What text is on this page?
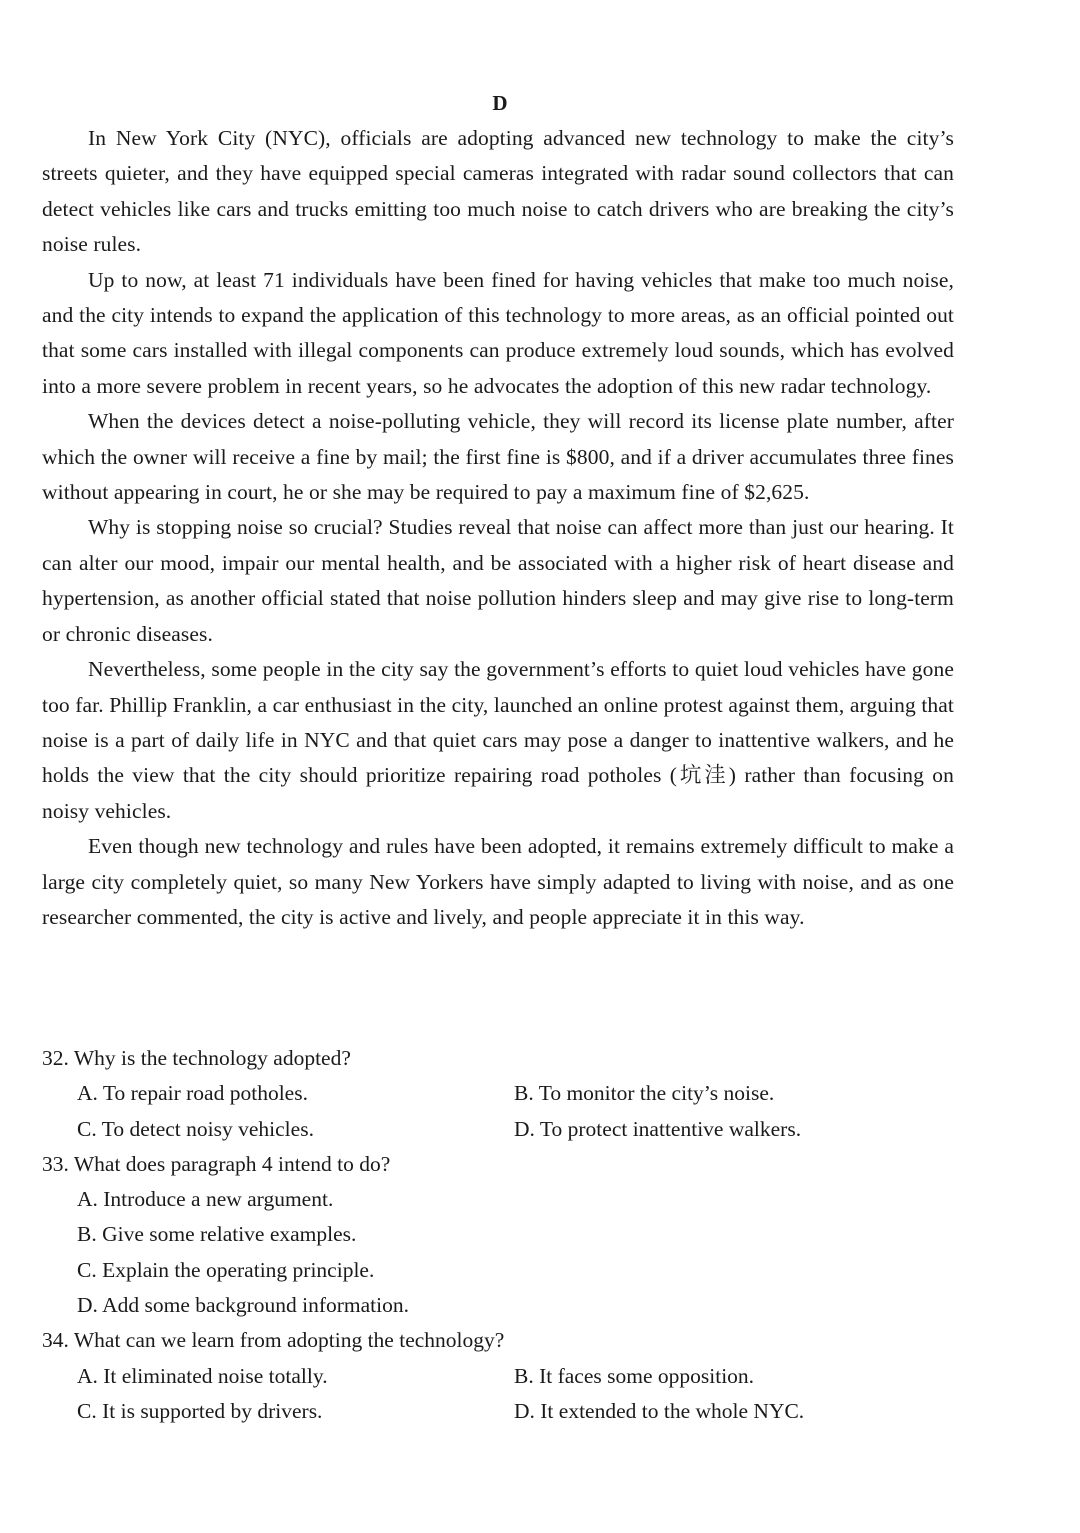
D

In New York City (NYC), officials are adopting advanced new technology to make the city’s streets quieter, and they have equipped special cameras integrated with radar sound collectors that can detect vehicles like cars and trucks emitting too much noise to catch drivers who are breaking the city’s noise rules.

Up to now, at least 71 individuals have been fined for having vehicles that make too much noise, and the city intends to expand the application of this technology to more areas, as an official pointed out that some cars installed with illegal components can produce extremely loud sounds, which has evolved into a more severe problem in recent years, so he advocates the adoption of this new radar technology.

When the devices detect a noise-polluting vehicle, they will record its license plate number, after which the owner will receive a fine by mail; the first fine is $800, and if a driver accumulates three fines without appearing in court, he or she may be required to pay a maximum fine of $2,625.

Why is stopping noise so crucial? Studies reveal that noise can affect more than just our hearing. It can alter our mood, impair our mental health, and be associated with a higher risk of heart disease and hypertension, as another official stated that noise pollution hinders sleep and may give rise to long-term or chronic diseases.

Nevertheless, some people in the city say the government’s efforts to quiet loud vehicles have gone too far. Phillip Franklin, a car enthusiast in the city, launched an online protest against them, arguing that noise is a part of daily life in NYC and that quiet cars may pose a danger to inattentive walkers, and he holds the view that the city should prioritize repairing road potholes (坑洼) rather than focusing on noisy vehicles.

Even though new technology and rules have been adopted, it remains extremely difficult to make a large city completely quiet, so many New Yorkers have simply adapted to living with noise, and as one researcher commented, the city is active and lively, and people appreciate it in this way.

32. Why is the technology adopted?

A. To repair road potholes.	B. To monitor the city’s noise.

C. To detect noisy vehicles.	D. To protect inattentive walkers.

33. What does paragraph 4 intend to do?

A. Introduce a new argument.

B. Give some relative examples.

C. Explain the operating principle.

D. Add some background information.

34. What can we learn from adopting the technology?

A. It eliminated noise totally.	B. It faces some opposition.

C. It is supported by drivers.	D. It extended to the whole NYC.
